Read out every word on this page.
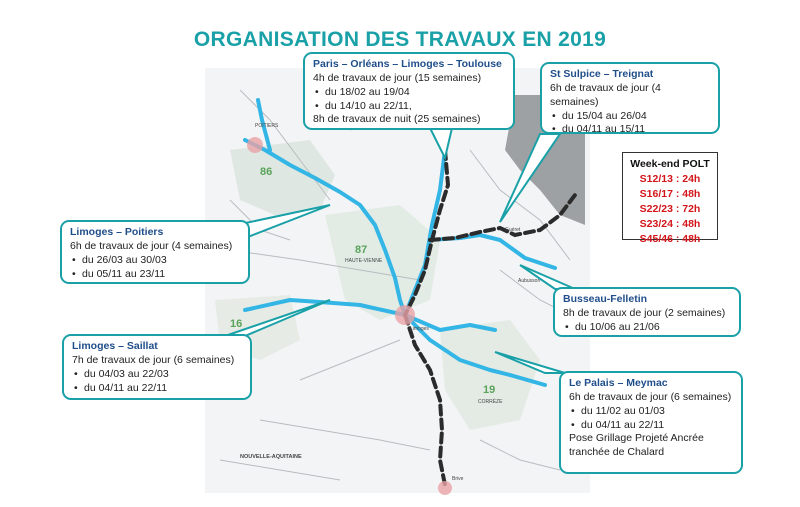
ORGANISATION DES TRAVAUX EN 2019
86
87
16
19
NOUVELLE-AQUITAINE
POITIERS
HAUTE-VIENNE
Limoges
CORRÈZE
Guéret
Aubusson
Brive
Paris – Orléans – Limoges – Toulouse
4h de travaux de jour (15 semaines)
• du 18/02 au 19/04
• du 14/10 au 22/11,
8h de travaux de nuit (25 semaines)
St Sulpice – Treignat
6h de travaux de jour (4 semaines)
• du 15/04 au 26/04
• du 04/11 au 15/11
Week-end POLT
S12/13 : 24h
S16/17 : 48h
S22/23 : 72h
S23/24 : 48h
S45/46 : 48h
Limoges – Poitiers
6h de travaux de jour (4 semaines)
• du 26/03 au 30/03
• du 05/11 au 23/11
Busseau-Felletin
8h de travaux de jour (2 semaines)
• du 10/06 au 21/06
Limoges – Saillat
7h de travaux de jour (6 semaines)
• du 04/03 au 22/03
• du 04/11 au 22/11	Le Palais – Meymac
6h de travaux de jour (6 semaines)
• du 11/02 au 01/03
• du 04/11 au 22/11
Pose Grillage Projeté Ancrée
tranchée de Chalard
